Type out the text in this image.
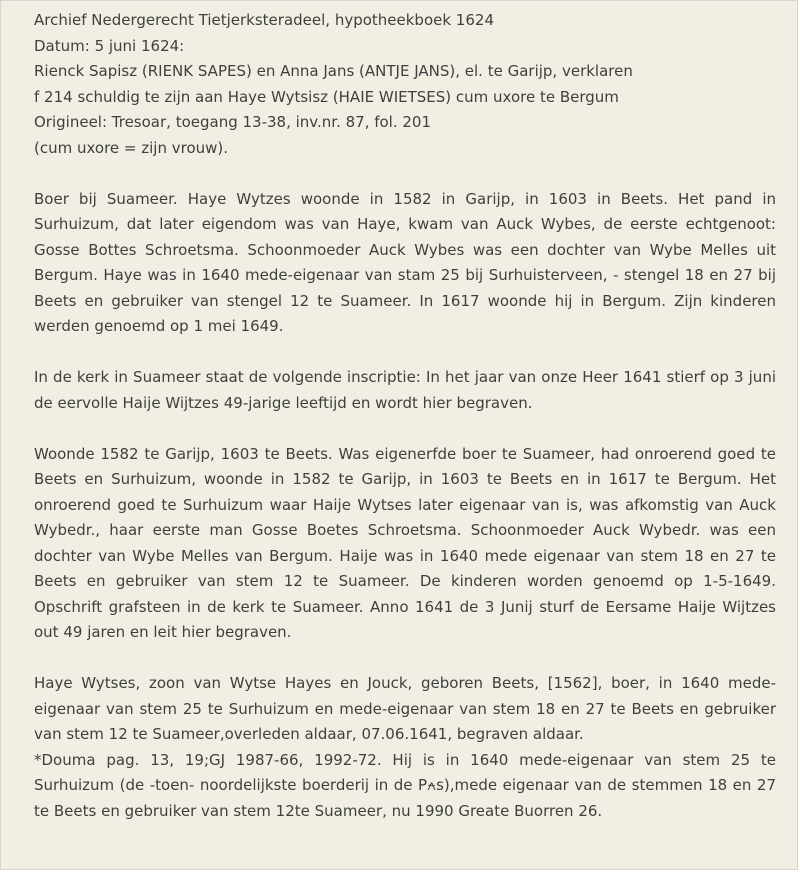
Archief Nedergerecht Tietjerksteradeel, hypotheekboek 1624
Datum: 5 juni 1624:
Rienck Sapisz (RIENK SAPES) en Anna Jans (ANTJE JANS), el. te Garijp, verklaren
f 214 schuldig te zijn aan Haye Wytsisz (HAIE WIETSES) cum uxore te Bergum
Origineel: Tresoar, toegang 13-38, inv.nr. 87, fol. 201
(cum uxore = zijn vrouw).

Boer bij Suameer. Haye Wytzes woonde in 1582 in Garijp, in 1603 in Beets. Het pand in Surhuizum, dat later eigendom was van Haye, kwam van Auck Wybes, de eerste echtgenoot: Gosse Bottes Schroetsma. Schoonmoeder Auck Wybes was een dochter van Wybe Melles uit Bergum. Haye was in 1640 mede-eigenaar van stam 25 bij Surhuisterveen, - stengel 18 en 27 bij Beets en gebruiker van stengel 12 te Suameer. In 1617 woonde hij in Bergum. Zijn kinderen werden genoemd op 1 mei 1649.

In de kerk in Suameer staat de volgende inscriptie: In het jaar van onze Heer 1641 stierf op 3 juni de eervolle Haije Wijtzes 49-jarige leeftijd en wordt hier begraven.

Woonde 1582 te Garijp, 1603 te Beets. Was eigenerfde boer te Suameer, had onroerend goed te Beets en Surhuizum, woonde in 1582 te Garijp, in 1603 te Beets en in 1617 te Bergum. Het onroerend goed te Surhuizum waar Haije Wytses later eigenaar van is, was afkomstig van Auck Wybedr., haar eerste man Gosse Boetes Schroetsma. Schoonmoeder Auck Wybedr. was een dochter van Wybe Melles van Bergum. Haije was in 1640 mede eigenaar van stem 18 en 27 te Beets en gebruiker van stem 12 te Suameer. De kinderen worden genoemd op 1-5-1649. Opschrift grafsteen in de kerk te Suameer. Anno 1641 de 3 Junij sturf de Eersame Haije Wijtzes out 49 jaren en leit hier begraven.

Haye Wytses, zoon van Wytse Hayes en Jouck, geboren Beets, [1562], boer, in 1640 mede-eigenaar van stem 25 te Surhuizum en mede-eigenaar van stem 18 en 27 te Beets en gebruiker van stem 12 te Suameer,overleden aldaar, 07.06.1641, begraven aldaar.

*Douma pag. 13, 19;GJ 1987-66, 1992-72. Hij is in 1640 mede-eigenaar van stem 25 te Surhuizum (de -toen- noordelijkste boerderij in de P⍲s),mede eigenaar van de stemmen 18 en 27 te Beets en gebruiker van stem 12te Suameer, nu 1990 Greate Buorren 26.
